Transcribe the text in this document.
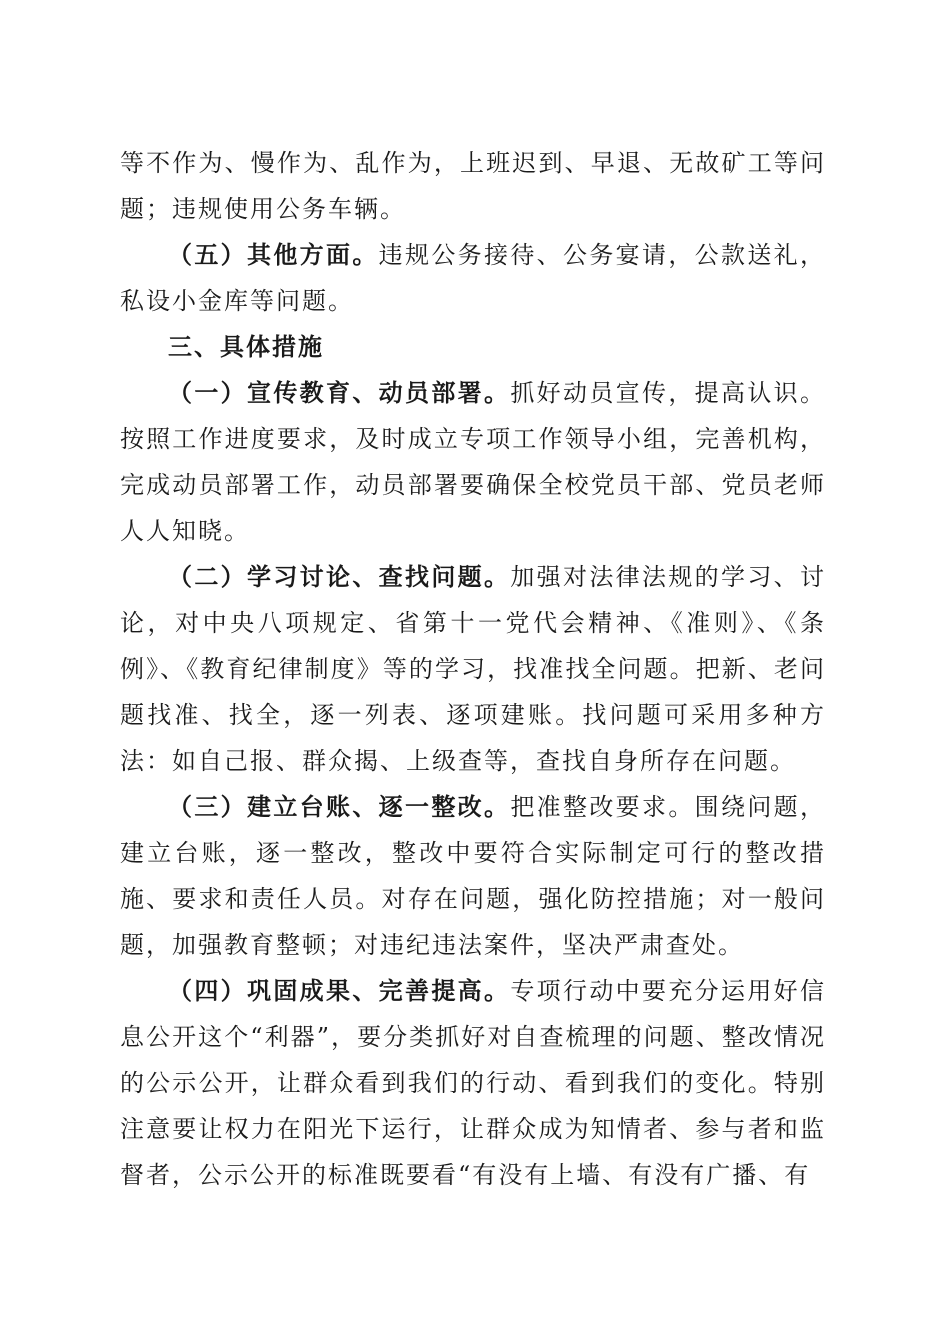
等不作为、慢作为、乱作为，上班迟到、早退、无故矿工等问题；违规使用公务车辆。

（五）其他方面。违规公务接待、公务宴请，公款送礼，私设小金库等问题。

三、具体措施

（一）宣传教育、动员部署。抓好动员宣传，提高认识。按照工作进度要求，及时成立专项工作领导小组，完善机构，完成动员部署工作，动员部署要确保全校党员干部、党员老师人人知晓。

（二）学习讨论、查找问题。加强对法律法规的学习、讨论，对中央八项规定、省第十一党代会精神、《准则》、《条例》、《教育纪律制度》等的学习，找准找全问题。把新、老问题找准、找全，逐一列表、逐项建账。找问题可采用多种方法：如自己报、群众揭、上级查等，查找自身所存在问题。

（三）建立台账、逐一整改。把准整改要求。围绕问题，建立台账，逐一整改，整改中要符合实际制定可行的整改措施、要求和责任人员。对存在问题，强化防控措施；对一般问题，加强教育整顿；对违纪违法案件，坚决严肃查处。

（四）巩固成果、完善提高。专项行动中要充分运用好信息公开这个“利器”，要分类抓好对自查梳理的问题、整改情况的公示公开，让群众看到我们的行动、看到我们的变化。特别注意要让权力在阳光下运行，让群众成为知情者、参与者和监督者，公示公开的标准既要看“有没有上墙、有没有广播、有
